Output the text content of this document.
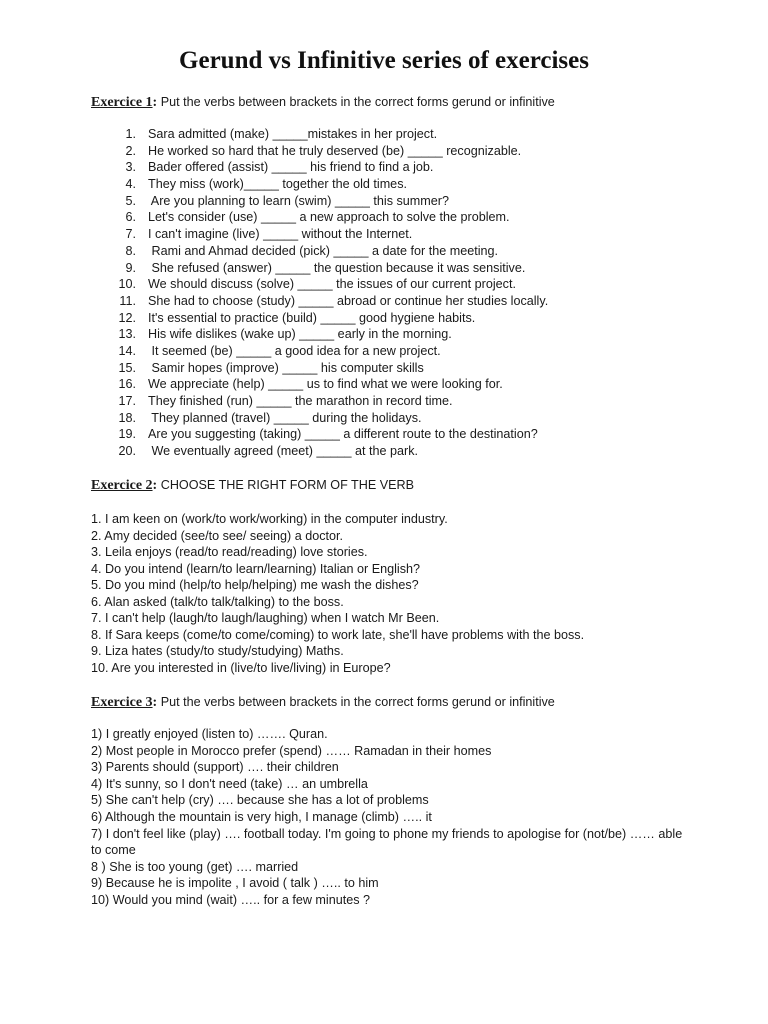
Gerund vs Infinitive series of exercises
Exercice 1: Put the verbs between brackets in the correct forms gerund or infinitive
1. Sara admitted (make) _____mistakes in her project.
2. He worked so hard that he truly deserved (be) _____ recognizable.
3. Bader offered (assist) _____ his friend to find a job.
4. They miss (work)_____ together the old times.
5. Are you planning to learn (swim) _____ this summer?
6. Let's consider (use) _____ a new approach to solve the problem.
7. I can't imagine (live) _____ without the Internet.
8. Rami and Ahmad decided (pick) _____ a date for the meeting.
9. She refused (answer) _____ the question because it was sensitive.
10. We should discuss (solve) _____ the issues of our current project.
11. She had to choose (study) _____ abroad or continue her studies locally.
12. It's essential to practice (build) _____ good hygiene habits.
13. His wife dislikes (wake up) _____ early in the morning.
14. It seemed (be) _____ a good idea for a new project.
15. Samir hopes (improve) _____ his computer skills
16. We appreciate (help) _____ us to find what we were looking for.
17. They finished (run) _____ the marathon in record time.
18. They planned (travel) _____ during the holidays.
19. Are you suggesting (taking) _____ a different route to the destination?
20. We eventually agreed (meet) _____ at the park.
Exercice 2: CHOOSE THE RIGHT FORM OF THE VERB
1. I am keen on (work/to work/working) in the computer industry.
2. Amy decided (see/to see/ seeing) a doctor.
3. Leila enjoys (read/to read/reading) love stories.
4. Do you intend (learn/to learn/learning) Italian or English?
5. Do you mind (help/to help/helping) me wash the dishes?
6. Alan asked (talk/to talk/talking) to the boss.
7. I can't help (laugh/to laugh/laughing) when I watch Mr Been.
8. If Sara keeps (come/to come/coming) to work late, she'll have problems with the boss.
9. Liza hates (study/to study/studying) Maths.
10. Are you interested in (live/to live/living) in Europe?
Exercice 3: Put the verbs between brackets in the correct forms gerund or infinitive
1) I greatly enjoyed (listen to) ……. Quran.
2) Most people in Morocco prefer (spend) …… Ramadan in their homes
3) Parents should (support) …. their children
4) It's sunny, so I don't need (take) … an umbrella
5) She can't help (cry) …. because she has a lot of problems
6) Although the mountain is very high, I manage (climb) ….. it
7) I don't feel like (play) …. football today. I'm going to phone my friends to apologise for (not/be) …… able to come
8 ) She is too young (get) …. married
9) Because he is impolite , I avoid ( talk ) ….. to him
10) Would you mind (wait) ….. for a few minutes ?
